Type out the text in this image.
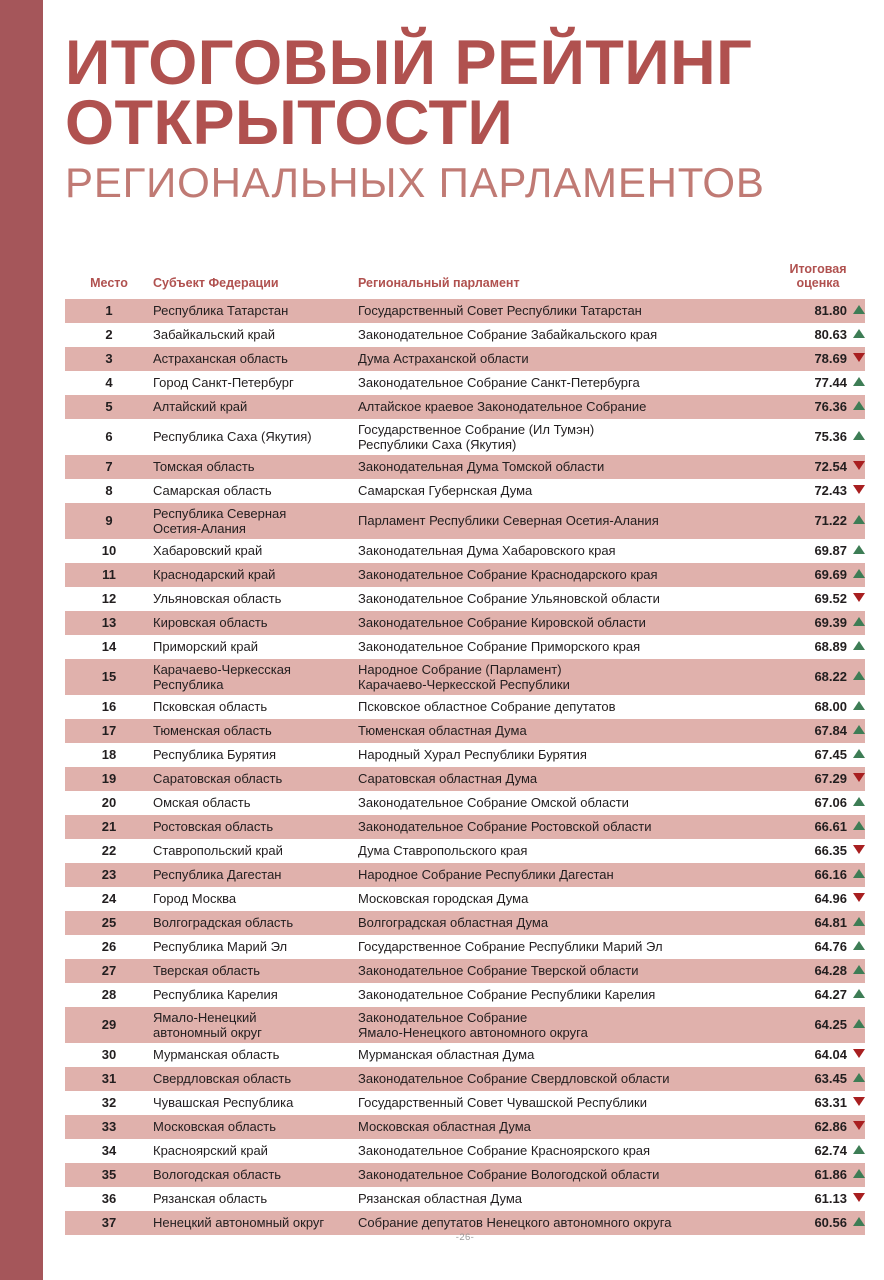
ИТОГОВЫЙ РЕЙТИНГ
ОТКРЫТОСТИ
РЕГИОНАЛЬНЫХ ПАРЛАМЕНТОВ
Место	Субъект Федерации	Региональный парламент	Итоговая
оценка
1	Республика Татарстан	Государственный Совет Республики Татарстан	81.80
2	Забайкальский край	Законодательное Собрание Забайкальского края	80.63
3	Астраханская область	Дума Астраханской области	78.69
4	Город Санкт-Петербург	Законодательное Собрание Санкт-Петербурга	77.44
5	Алтайский край	Алтайское краевое Законодательное Собрание	76.36
6	Республика Саха (Якутия)	Государственное Собрание (Ил Тумэн)
Республики Саха (Якутия)	75.36
7	Томская область	Законодательная Дума Томской области	72.54
8	Самарская область	Самарская Губернская Дума	72.43
9	Республика Северная
Осетия-Алания	Парламент Республики Северная Осетия-Алания	71.22
10	Хабаровский край	Законодательная Дума Хабаровского края	69.87
11	Краснодарский край	Законодательное Собрание Краснодарского края	69.69
12	Ульяновская область	Законодательное Собрание Ульяновской области	69.52
13	Кировская область	Законодательное Собрание Кировской области	69.39
14	Приморский край	Законодательное Собрание Приморского края	68.89
15	Карачаево-Черкесская
Республика	Народное Собрание (Парламент)
Карачаево-Черкесской Республики	68.22
16	Псковская область	Псковское областное Собрание депутатов	68.00
17	Тюменская область	Тюменская областная Дума	67.84
18	Республика Бурятия	Народный Хурал Республики Бурятия	67.45
19	Саратовская область	Саратовская областная Дума	67.29
20	Омская область	Законодательное Собрание Омской области	67.06
21	Ростовская область	Законодательное Собрание Ростовской области	66.61
22	Ставропольский край	Дума Ставропольского края	66.35
23	Республика Дагестан	Народное Собрание Республики Дагестан	66.16
24	Город Москва	Московская городская Дума	64.96
25	Волгоградская область	Волгоградская областная Дума	64.81
26	Республика Марий Эл	Государственное Собрание Республики Марий Эл	64.76
27	Тверская область	Законодательное Собрание Тверской области	64.28
28	Республика Карелия	Законодательное Собрание Республики Карелия	64.27
29	Ямало-Ненецкий
автономный округ	Законодательное Собрание
Ямало-Ненецкого автономного округа	64.25
30	Мурманская область	Мурманская областная Дума	64.04
31	Свердловская область	Законодательное Собрание Свердловской области	63.45
32	Чувашская Республика	Государственный Совет Чувашской Республики	63.31
33	Московская область	Московская областная Дума	62.86
34	Красноярский край	Законодательное Собрание Красноярского края	62.74
35	Вологодская область	Законодательное Собрание Вологодской области	61.86
36	Рязанская область	Рязанская областная Дума	61.13
37	Ненецкий автономный округ	Собрание депутатов Ненецкого автономного округа	60.56
-26-
